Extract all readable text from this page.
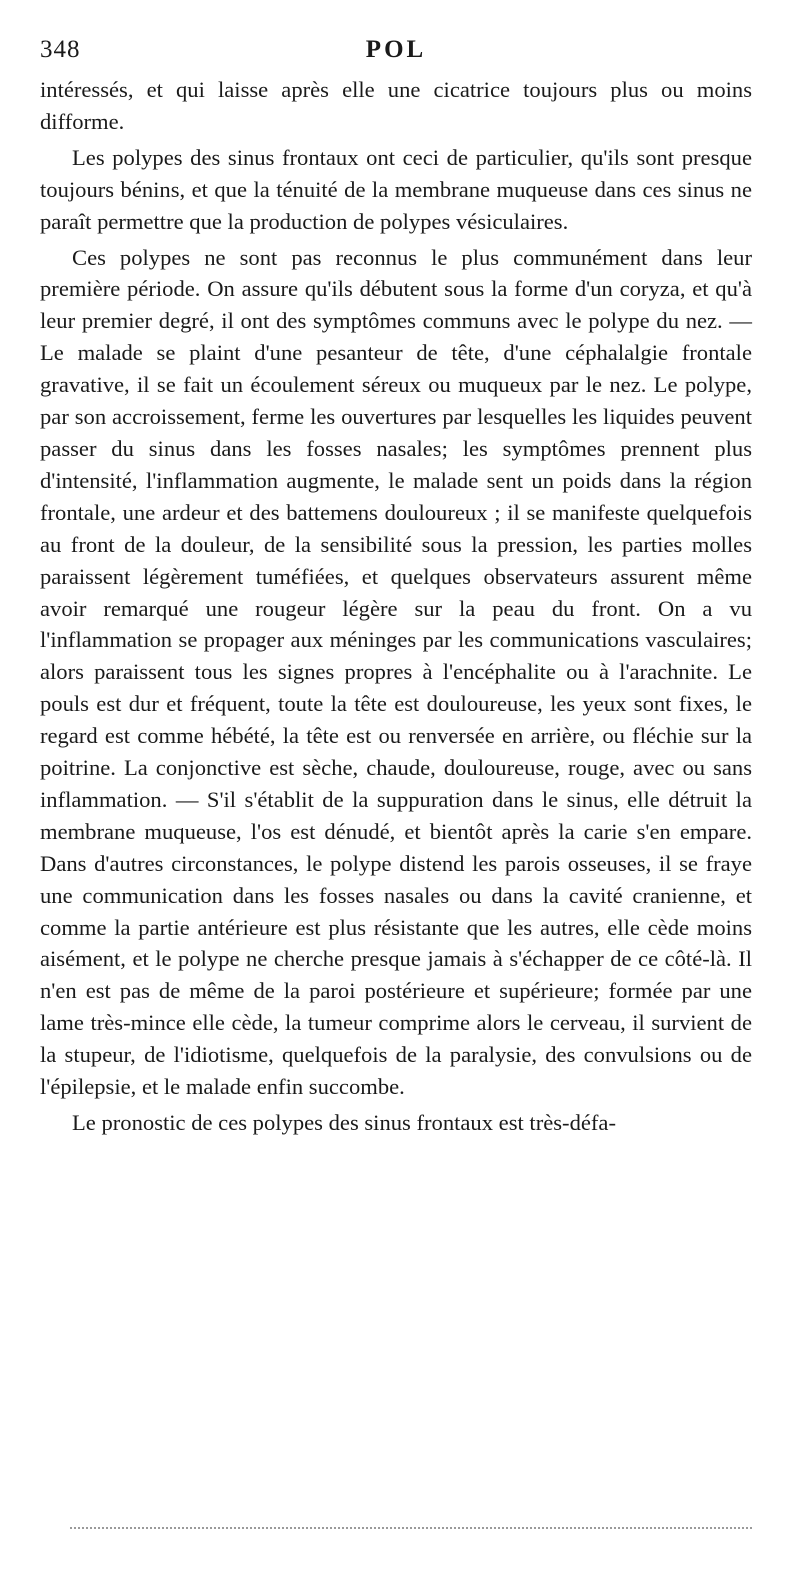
348	POL

intéressés, et qui laisse après elle une cicatrice toujours plus ou moins difforme.

Les polypes des sinus frontaux ont ceci de particulier, qu'ils sont presque toujours bénins, et que la ténuité de la membrane muqueuse dans ces sinus ne paraît permettre que la production de polypes vésiculaires.

Ces polypes ne sont pas reconnus le plus communément dans leur première période. On assure qu'ils débutent sous la forme d'un coryza, et qu'à leur premier degré, il ont des symptômes communs avec le polype du nez. — Le malade se plaint d'une pesanteur de tête, d'une céphalalgie frontale gravative, il se fait un écoulement séreux ou muqueux par le nez. Le polype, par son accroissement, ferme les ouvertures par lesquelles les liquides peuvent passer du sinus dans les fosses nasales; les symptômes prennent plus d'intensité, l'inflammation augmente, le malade sent un poids dans la région frontale, une ardeur et des battemens douloureux ; il se manifeste quelquefois au front de la douleur, de la sensibilité sous la pression, les parties molles paraissent légèrement tuméfiées, et quelques observateurs assurent même avoir remarqué une rougeur légère sur la peau du front. On a vu l'inflammation se propager aux méninges par les communications vasculaires; alors paraissent tous les signes propres à l'encéphalite ou à l'arachnite. Le pouls est dur et fréquent, toute la tête est douloureuse, les yeux sont fixes, le regard est comme hébété, la tête est ou renversée en arrière, ou fléchie sur la poitrine. La conjonctive est sèche, chaude, douloureuse, rouge, avec ou sans inflammation. — S'il s'établit de la suppuration dans le sinus, elle détruit la membrane muqueuse, l'os est dénudé, et bientôt après la carie s'en empare. Dans d'autres circonstances, le polype distend les parois osseuses, il se fraye une communication dans les fosses nasales ou dans la cavité cranienne, et comme la partie antérieure est plus résistante que les autres, elle cède moins aisément, et le polype ne cherche presque jamais à s'échapper de ce côté-là. Il n'en est pas de même de la paroi postérieure et supérieure; formée par une lame très-mince elle cède, la tumeur comprime alors le cerveau, il survient de la stupeur, de l'idiotisme, quelquefois de la paralysie, des convulsions ou de l'épilepsie, et le malade enfin succombe.

Le pronostic de ces polypes des sinus frontaux est très-défa-
